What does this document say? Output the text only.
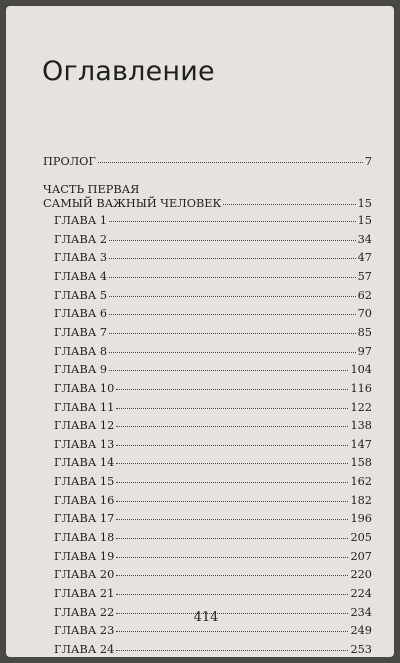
Оглавление
ПРОЛОГ	7
ЧАСТЬ ПЕРВАЯ
САМЫЙ ВАЖНЫЙ ЧЕЛОВЕК	15
ГЛАВА 1	15
ГЛАВА 2	34
ГЛАВА 3	47
ГЛАВА 4	57
ГЛАВА 5	62
ГЛАВА 6	70
ГЛАВА 7	85
ГЛАВА 8	97
ГЛАВА 9	104
ГЛАВА 10	116
ГЛАВА 11	122
ГЛАВА 12	138
ГЛАВА 13	147
ГЛАВА 14	158
ГЛАВА 15	162
ГЛАВА 16	182
ГЛАВА 17	196
ГЛАВА 18	205
ГЛАВА 19	207
ГЛАВА 20	220
ГЛАВА 21	224
ГЛАВА 22	234
ГЛАВА 23	249
ГЛАВА 24	253
414
